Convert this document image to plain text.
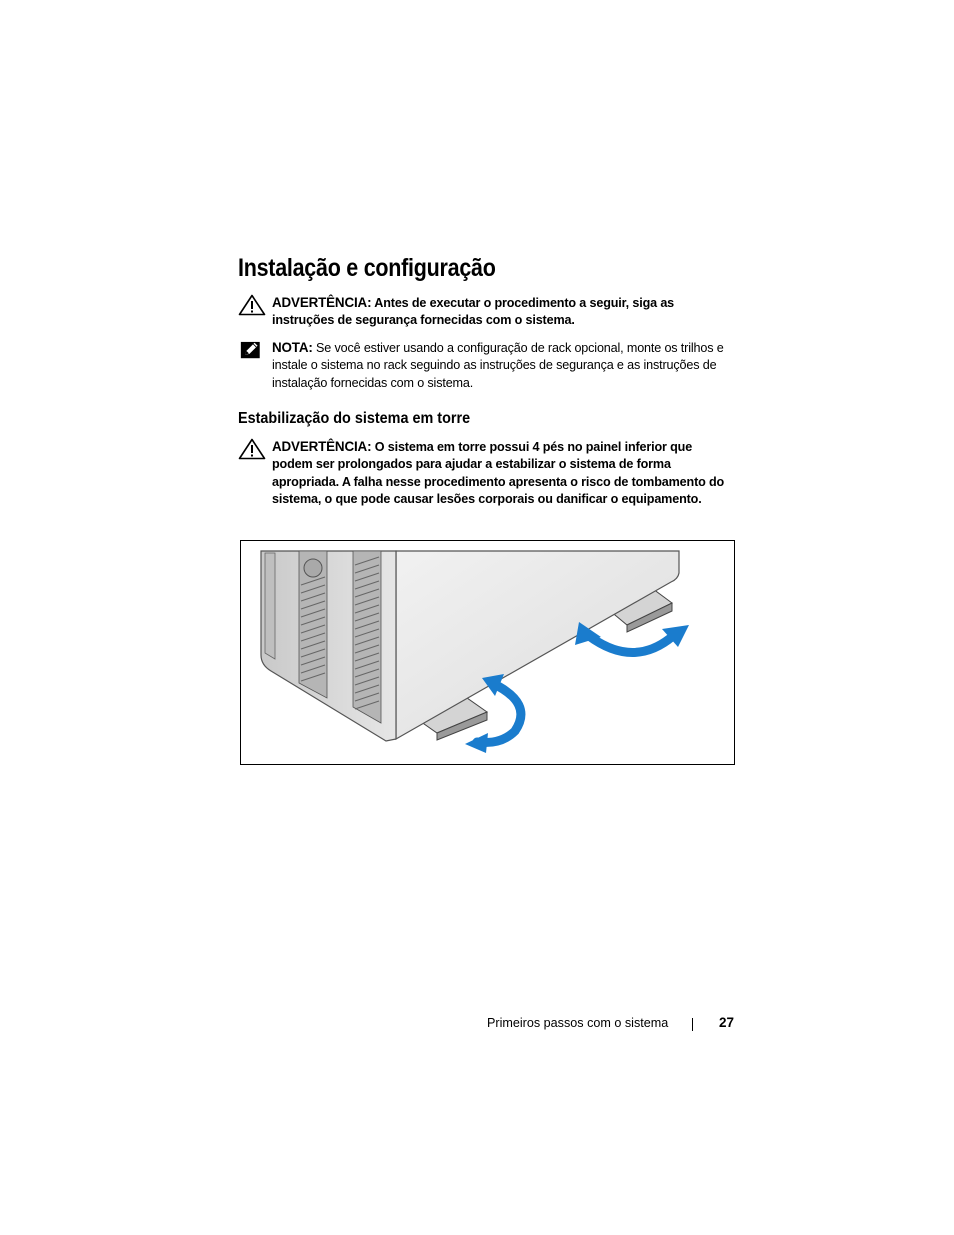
Instalação e configuração
ADVERTÊNCIA: Antes de executar o procedimento a seguir, siga as instruções de segurança fornecidas com o sistema.
NOTA: Se você estiver usando a configuração de rack opcional, monte os trilhos e instale o sistema no rack seguindo as instruções de segurança e as instruções de instalação fornecidas com o sistema.
Estabilização do sistema em torre
ADVERTÊNCIA: O sistema em torre possui 4 pés no painel inferior que podem ser prolongados para ajudar a estabilizar o sistema de forma apropriada. A falha nesse procedimento apresenta o risco de tombamento do sistema, o que pode causar lesões corporais ou danificar o equipamento.
Primeiros passos com o sistema	27
